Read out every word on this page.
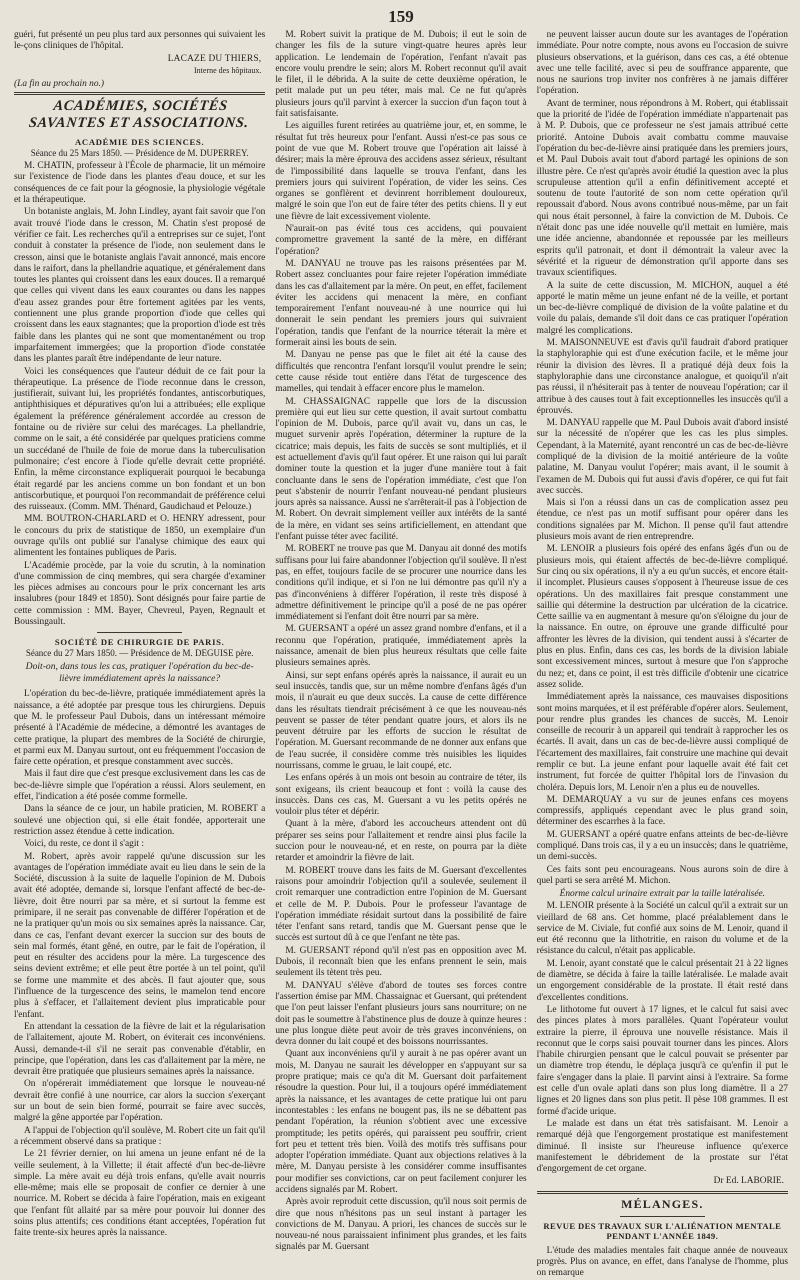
159

guéri, fut présenté un peu plus tard aux personnes qui suivaient les le-çons cliniques de l'hôpital.

LACAZE DU THIERS,
Interne des hôpitaux.
(La fin au prochain no.)
ACADÉMIES, SOCIÉTÉS SAVANTES ET ASSOCIATIONS.
ACADÉMIE DES SCIENCES.
Séance du 25 Mars 1850. — Présidence de M. DUPERREY.

M. CHATIN, professeur à l'École de pharmacie, lit un mémoire sur l'existence de l'iode dans les plantes d'eau douce, et sur les conséquences de ce fait pour la géognosie, la physiologie végétale et la thérapeutique.

Un botaniste anglais, M. John Lindley, ayant fait savoir que l'on avait trouvé l'iode dans le cresson, M. Chatin s'est proposé de vérifier ce fait. Les recherches qu'il a entreprises sur ce sujet, l'ont conduit à constater la présence de l'iode, non seulement dans le cresson, ainsi que le botaniste anglais l'avait annoncé, mais encore dans le raifort, dans la phellandrie aquatique, et généralement dans toutes les plantes qui croissent dans les eaux douces. Il a remarqué que celles qui vivent dans les eaux courantes ou dans les nappes d'eau assez grandes pour être fortement agitées par les vents, contiennent une plus grande proportion d'iode que celles qui croissent dans les eaux stagnantes; que la proportion d'iode est très faible dans les plantes qui ne sont que momentanément ou trop imparfaitement immergées; que la proportion d'iode constatée dans les plantes paraît être indépendante de leur nature.

Voici les conséquences que l'auteur déduit de ce fait pour la thérapeutique. La présence de l'iode reconnue dans le cresson, justifierait, suivant lui, les propriétés fondantes, antiscorbutiques, antiphthisiques et dépuratives qu'on lui a attribuées; elle explique également la préférence généralement accordée au cresson de fontaine ou de rivière sur celui des marécages. La phellandrie, comme on le sait, a été considérée par quelques praticiens comme un succédané de l'huile de foie de morue dans la tuberculisation pulmonaire; c'est encore à l'iode qu'elle devrait cette propriété. Enfin, la même circonstance expliquerait pourquoi le becabunga était regardé par les anciens comme un bon fondant et un bon antiscorbutique, et pourquoi l'on recommandait de préférence celui des ruisseaux. (Comm. MM. Thénard, Gaudichaud et Pelouze.)

MM. BOUTRON-CHARLARD et O. HENRY adressent, pour le concours du prix de statistique de 1850, un exemplaire d'un ouvrage qu'ils ont publié sur l'analyse chimique des eaux qui alimentent les fontaines publiques de Paris.

L'Académie procède, par la voie du scrutin, à la nomination d'une commission de cinq membres, qui sera chargée d'examiner les pièces admises au concours pour le prix concernant les arts insalubres (pour 1849 et 1850). Sont désignés pour faire partie de cette commission : MM. Bayer, Chevreul, Payen, Regnault et Boussingault.

SOCIÉTÉ DE CHIRURGIE DE PARIS.
Séance du 27 Mars 1850. — Présidence de M. DEGUISE père.
Doit-on, dans tous les cas, pratiquer l'opération du bec-de-lièvre immédiatement après la naissance?

L'opération du bec-de-lièvre, pratiquée immédiatement après la naissance, a été adoptée par presque tous les chirurgiens. Depuis que M. le professeur Paul Dubois, dans un intéressant mémoire présenté à l'Académie de médecine, a démontré les avantages de cette pratique, la plupart des membres de la Société de chirurgie, et parmi eux M. Danyau surtout, ont eu fréquemment l'occasion de faire cette opération, et presque constamment avec succès.

Mais il faut dire que c'est presque exclusivement dans les cas de bec-de-lièvre simple que l'opération a réussi. Alors seulement, en effet, l'indication a été posée comme formelle.

Dans la séance de ce jour, un habile praticien, M. ROBERT a soulevé une objection qui, si elle était fondée, apporterait une restriction assez étendue à cette indication.

Voici, du reste, ce dont il s'agit :

M. Robert, après avoir rappelé qu'une discussion sur les avantages de l'opération immédiate avait eu lieu dans le sein de la Société, discussion à la suite de laquelle l'opinion de M. Dubois avait été adoptée, demande si, lorsque l'enfant affecté de bec-de-lièvre, doit être nourri par sa mère, et si surtout la femme est primipare, il ne serait pas convenable de différer l'opération et de ne la pratiquer qu'un mois ou six semaines après la naissance. Car, dans ce cas, l'enfant devant exercer la succion sur des bouts de sein mal formés, étant gêné, en outre, par le fait de l'opération, il peut en résulter des accidens pour la mère. La turgescence des seins devient extrême; et elle peut être portée à un tel point, qu'il se forme une mammite et des abcès. Il faut ajouter que, sous l'influence de la turgescence des seins, le mamelon tend encore plus à s'effacer, et l'allaitement devient plus impraticable pour l'enfant.

En attendant la cessation de la fièvre de lait et la régularisation de l'allaitement, ajoute M. Robert, on éviterait ces inconvéniens. Aussi, demande-t-il s'il ne serait pas convenable d'établir, en principe, que l'opération, dans les cas d'allaitement par la mère, ne devrait être pratiquée que plusieurs semaines après la naissance.

On n'opérerait immédiatement que lorsque le nouveau-né devrait être confié à une nourrice, car alors la succion s'exerçant sur un bout de sein bien formé, pourrait se faire avec succès, malgré la gêne apportée par l'opération.

A l'appui de l'objection qu'il soulève, M. Robert cite un fait qu'il a récemment observé dans sa pratique :

Le 21 février dernier, on lui amena un jeune enfant né de la veille seulement, à la Villette; il était affecté d'un bec-de-lièvre simple. La mère avait eu déjà trois enfans, qu'elle avait nourris elle-même; mais elle se proposait de confier ce dernier à une nourrice. M. Robert se décida à faire l'opération, mais en exigeant que l'enfant fût allaité par sa mère pour pouvoir lui donner des soins plus attentifs; ces conditions étant acceptées, l'opération fut faite trente-six heures après la naissance.

M. Robert suivit la pratique de M. Dubois; il eut le soin de changer les fils de la suture vingt-quatre heures après leur application. Le lendemain de l'opération, l'enfant n'avait pas encore voulu prendre le sein; alors M. Robert reconnut qu'il avait le filet, il le débrida. A la suite de cette deuxième opération, le petit malade put un peu téter, mais mal. Ce ne fut qu'après plusieurs jours qu'il parvint à exercer la succion d'un façon tout à fait satisfaisante.

Les aiguilles furent retirées au quatrième jour, et, en somme, le résultat fut très heureux pour l'enfant. Aussi n'est-ce pas sous ce point de vue que M. Robert trouve que l'opération ait laissé à désirer; mais la mère éprouva des accidens assez sérieux, résultant de l'impossibilité dans laquelle se trouva l'enfant, dans les premiers jours qui suivirent l'opération, de vider les seins. Ces organes se gonflèrent et devinrent horriblement douloureux, malgré le soin que l'on eut de faire téter des petits chiens. Il y eut une fièvre de lait excessivement violente.

N'aurait-on pas évité tous ces accidens, qui pouvaient compromettre gravement la santé de la mère, en différant l'opération?

M. DANYAU ne trouve pas les raisons présentées par M. Robert assez concluantes pour faire rejeter l'opération immédiate dans les cas d'allaitement par la mère. On peut, en effet, facilement éviter les accidens qui menacent la mère, en confiant temporairement l'enfant nouveau-né à une nourrice qui lui donnerait le sein pendant les premiers jours qui suivraient l'opération, tandis que l'enfant de la nourrice téterait la mère et formerait ainsi les bouts de sein.

M. Danyau ne pense pas que le filet ait été la cause des difficultés que rencontra l'enfant lorsqu'il voulut prendre le sein; cette cause réside tout entière dans l'état de turgescence des mamelles, qui tendait à effacer encore plus le mamelon.

M. CHASSAIGNAC rappelle que lors de la discussion première qui eut lieu sur cette question, il avait surtout combattu l'opinion de M. Dubois, parce qu'il avait vu, dans un cas, le muguet survenir après l'opération, déterminer la rupture de la cicatrice; mais depuis, les faits de succès se sont multipliés, et il est actuellement d'avis qu'il faut opérer. Et une raison qui lui paraît dominer toute la question et la juger d'une manière tout à fait concluante dans le sens de l'opération immédiate, c'est que l'on peut s'abstenir de nourrir l'enfant nouveau-né pendant plusieurs jours après sa naissance. Aussi ne s'arrêterait-il pas à l'objection de M. Robert. On devrait simplement veiller aux intérêts de la santé de la mère, en vidant ses seins artificiellement, en attendant que l'enfant puisse téter avec facilité.

M. ROBERT ne trouve pas que M. Danyau ait donné des motifs suffisans pour lui faire abandonner l'objection qu'il soulève. Il n'est pas, en effet, toujours facile de se procurer une nourrice dans les conditions qu'il indique, et si l'on ne lui démontre pas qu'il n'y a pas d'inconvéniens à différer l'opération, il reste très disposé à admettre définitivement le principe qu'il a posé de ne pas opérer immédiatement si l'enfant doit être nourri par sa mère.

M. GUERSANT a opéré un assez grand nombre d'enfans, et il a reconnu que l'opération, pratiquée, immédiatement après la naissance, amenait de bien plus heureux résultats que celle faite plusieurs semaines après.

Ainsi, sur sept enfans opérés après la naissance, il aurait eu un seul insuccès, tandis que, sur un même nombre d'enfans âgés d'un mois, il n'aurait eu que deux succès. La cause de cette différence dans les résultats tiendrait précisément à ce que les nouveau-nés peuvent se passer de téter pendant quatre jours, et alors ils ne peuvent détruire par les efforts de succion le résultat de l'opération. M. Guersant recommande de ne donner aux enfans que de l'eau sucrée, il considère comme très nuisibles les liquides nourrissans, comme le gruau, le lait coupé, etc.

Les enfans opérés à un mois ont besoin au contraire de téter, ils sont exigeans, ils crient beaucoup et font : voilà la cause des insuccès. Dans ces cas, M. Guersant a vu les petits opérés ne vouloir plus téter et dépérir.

Quant à la mère, d'abord les accoucheurs attendent ont dû préparer ses seins pour l'allaitement et rendre ainsi plus facile la succion pour le nouveau-né, et en reste, on pourra par la diète retarder et amoindrir la fièvre de lait.

M. ROBERT trouve dans les faits de M. Guersant d'excellentes raisons pour amoindrir l'objection qu'il a soulevée, seulement il croit remarquer une contradiction entre l'opinion de M. Guersant et celle de M. P. Dubois. Pour le professeur l'avantage de l'opération immédiate résidait surtout dans la possibilité de faire téter l'enfant sans retard, tandis que M. Guersant pense que le succès est surtout dû à ce que l'enfant ne tète pas.

M. GUERSANT répond qu'il n'est pas en opposition avec M. Dubois, il reconnaît bien que les enfans prennent le sein, mais seulement ils tètent très peu.

M. DANYAU s'élève d'abord de toutes ses forces contre l'assertion émise par MM. Chassaignac et Guersant, qui prétendent que l'on peut laisser l'enfant plusieurs jours sans nourriture; on ne doit pas le soumettre à l'abstinence plus de douze à quinze heures : une plus longue diète peut avoir de très graves inconvéniens, on devra donner du lait coupé et des boissons nourrissantes.

Quant aux inconvéniens qu'il y aurait à ne pas opérer avant un mois, M. Danyau ne saurait les développer en s'appuyant sur sa propre pratique; mais ce qu'a dit M. Guersant doit parfaitement résoudre la question. Pour lui, il a toujours opéré immédiatement après la naissance, et les avantages de cette pratique lui ont paru incontestables : les enfans ne bougent pas, ils ne se débattent pas pendant l'opération, la réunion s'obtient avec une excessive promptitude; les petits opérés, qui paraissent peu souffrir, crient fort peu et tettent très bien. Voilà des motifs très suffisans pour adopter l'opération immédiate. Quant aux objections relatives à la mère, M. Danyau persiste à les considérer comme insuffisantes pour modifier ses convictions, car on peut facilement conjurer les accidens signalés par M. Robert.

Après avoir reproduit cette discussion, qu'il nous soit permis de dire que nous n'hésitons pas un seul instant à partager les convictions de M. Danyau. A priori, les chances de succès sur le nouveau-né nous paraissaient infiniment plus grandes, et les faits signalés par M. Guersant

ne peuvent laisser aucun doute sur les avantages de l'opération immédiate. Pour notre compte, nous avons eu l'occasion de suivre plusieurs observations, et la guérison, dans ces cas, a été obtenue avec une telle facilité, avec si peu de souffrance apparente, que nous ne saurions trop inviter nos confrères à ne jamais différer l'opération.

Avant de terminer, nous répondrons à M. Robert, qui établissait que la priorité de l'idée de l'opération immédiate n'appartenait pas à M. P. Dubois, que ce professeur ne s'est jamais attribué cette priorité. Antoine Dubois avait combattu comme mauvaise l'opération du bec-de-lièvre ainsi pratiquée dans les premiers jours, et M. Paul Dubois avait tout d'abord partagé les opinions de son illustre père. Ce n'est qu'après avoir étudié la question avec la plus scrupuleuse attention qu'il a enfin définitivement accepté et soutenu de toute l'autorité de son nom cette opération qu'il repoussait d'abord. Nous avons contribué nous-même, par un fait qui nous était personnel, à faire la conviction de M. Dubois. Ce n'était donc pas une idée nouvelle qu'il mettait en lumière, mais une idée ancienne, abandonnée et repoussée par les meilleurs esprits qu'il patronait, et dont il démontrait la valeur avec la sévérité et la rigueur de démonstration qu'il apporte dans ses travaux scientifiques.

A la suite de cette discussion, M. MICHON, auquel a été apporté le matin même un jeune enfant né de la veille, et portant un bec-de-lièvre compliqué de division de la voûte palatine et du voile du palais, demande s'il doit dans ce cas pratiquer l'opération malgré les complications.

M. MAISONNEUVE est d'avis qu'il faudrait d'abord pratiquer la staphyloraphie qui est d'une exécution facile, et le même jour réunir la division des lèvres. Il a pratiqué déjà deux fois la staphyloraphie dans une circonstance analogue, et quoiqu'il n'ait pas réussi, il n'hésiterait pas à tenter de nouveau l'opération; car il attribue à des causes tout à fait exceptionnelles les insuccès qu'il a éprouvés.

M. DANYAU rappelle que M. Paul Dubois avait d'abord insisté sur la nécessité de n'opérer que les cas les plus simples. Cependant, à la Maternité, ayant rencontré un cas de bec-de-lièvre compliqué de la division de la moitié antérieure de la voûte palatine, M. Danyau voulut l'opérer; mais avant, il le soumit à l'examen de M. Dubois qui fut aussi d'avis d'opérer, ce qui fut fait avec succès.

Mais si l'on a réussi dans un cas de complication assez peu étendue, ce n'est pas un motif suffisant pour opérer dans les conditions signalées par M. Michon. Il pense qu'il faut attendre plusieurs mois avant de rien entreprendre.

M. LENOIR a plusieurs fois opéré des enfans âgés d'un ou de plusieurs mois, qui étaient affectés de bec-de-lièvre compliqué. Sur cinq ou six opérations, il n'y a eu qu'un succès, et encore était-il incomplet. Plusieurs causes s'opposent à l'heureuse issue de ces opérations. Un des maxillaires fait presque constamment une saillie qui détermine la destruction par ulcération de la cicatrice. Cette saillie va en augmentant à mesure qu'on s'éloigne du jour de la naissance. En outre, on éprouve une grande difficulté pour affronter les lèvres de la division, qui tendent aussi à s'écarter de plus en plus. Enfin, dans ces cas, les bords de la division labiale sont excessivement minces, surtout à mesure que l'on s'approche du nez; et, dans ce point, il est très difficile d'obtenir une cicatrice assez solide.

Immédiatement après la naissance, ces mauvaises dispositions sont moins marquées, et il est préférable d'opérer alors. Seulement, pour rendre plus grandes les chances de succès, M. Lenoir conseille de recourir à un appareil qui tendrait à rapprocher les os écartés. Il avait, dans un cas de bec-de-lièvre aussi compliqué de l'écartement des maxillaires, fait construire une machine qui devait remplir ce but. La jeune enfant pour laquelle avait été fait cet instrument, fut forcée de quitter l'hôpital lors de l'invasion du choléra. Depuis lors, M. Lenoir n'en a plus eu de nouvelles.

M. DEMARQUAY a vu sur de jeunes enfans ces moyens compressifs, appliqués cependant avec le plus grand soin, déterminer des escarrhes à la face.

M. GUERSANT a opéré quatre enfans atteints de bec-de-lièvre compliqué. Dans trois cas, il y a eu un insuccès; dans le quatrième, un demi-succès.

Ces faits sont peu encourageans. Nous aurons soin de dire à quel parti se sera arrêté M. Michon.

Énorme calcul urinaire extrait par la taille latéralisée.

M. LENOIR présente à la Société un calcul qu'il a extrait sur un vieillard de 68 ans. Cet homme, placé préalablement dans le service de M. Civiale, fut confié aux soins de M. Lenoir, quand il eut été reconnu que la lithotritie, en raison du volume et de la résistance du calcul, n'était pas applicable.

M. Lenoir, ayant constaté que le calcul présentait 21 à 22 lignes de diamètre, se décida à faire la taille latéralisée. Le malade avait un engorgement considérable de la prostate. Il était resté dans d'excellentes conditions.

Le lithotome fut ouvert à 17 lignes, et le calcul fut saisi avec des pinces plates à mors parallèles. Quant l'opérateur voulut extraire la pierre, il éprouva une nouvelle résistance. Mais il reconnut que le corps saisi pouvait tourner dans les pinces. Alors l'habile chirurgien pensant que le calcul pouvait se présenter par un diamètre trop étendu, le déplaça jusqu'à ce qu'enfin il put le faire s'engager dans la plaie. Il parvint ainsi à l'extraire. Sa forme est celle d'un ovale aplati dans son plus long diamètre. Il a 27 lignes et 20 lignes dans son plus petit. Il pèse 108 grammes. Il est formé d'acide urique.

Le malade est dans un état très satisfaisant. M. Lenoir a remarqué déjà que l'engorgement prostatique est manifestement diminué. Il insiste sur l'heureuse influence qu'exerce manifestement le débridement de la prostate sur l'état d'engorgement de cet organe.

Dr Ed. LABORIE.
MÉLANGES.
REVUE DES TRAVAUX SUR L'ALIÉNATION MENTALE PENDANT L'ANNÉE 1849.

L'étude des maladies mentales fait chaque année de nouveaux progrès. Plus on avance, en effet, dans l'analyse de l'homme, plus on remarque
